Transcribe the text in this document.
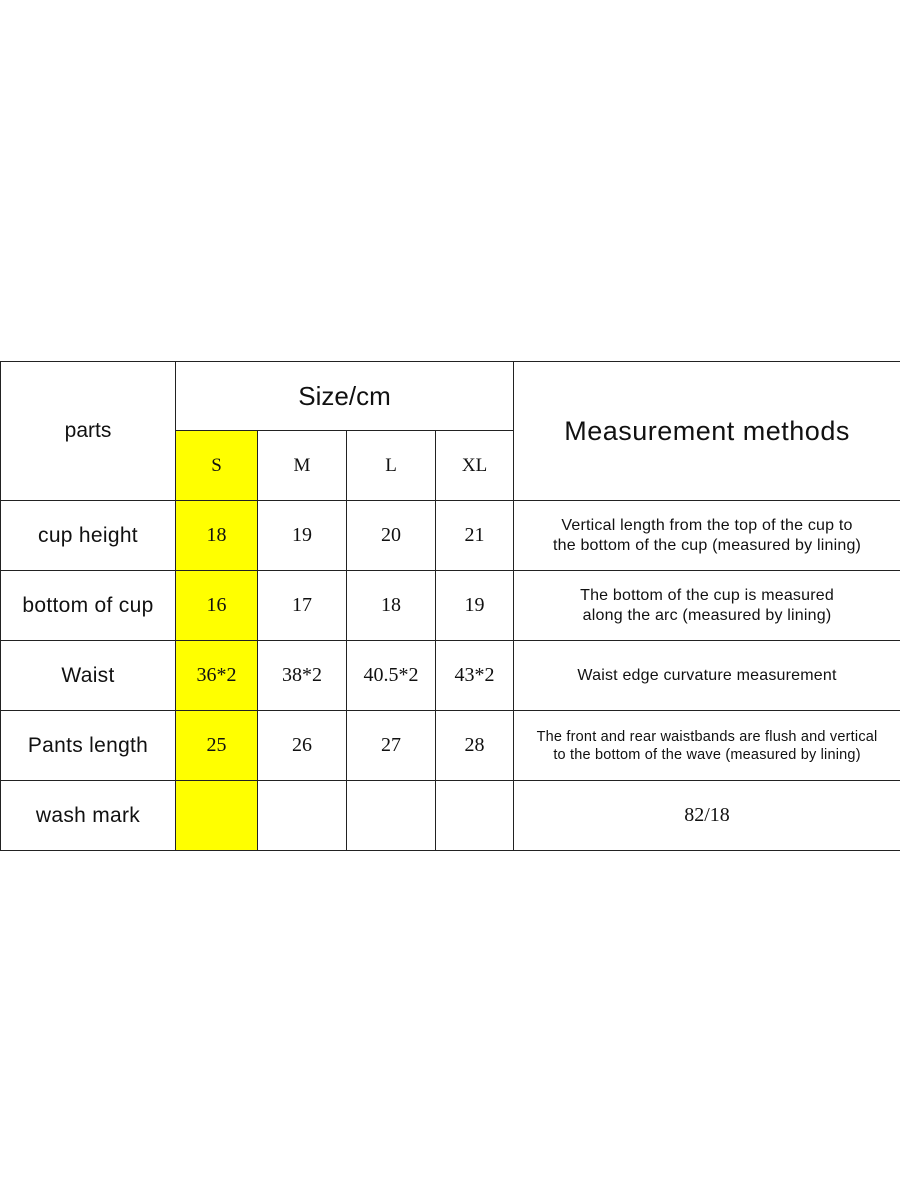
parts	Size/cm				Measurement methods
	S	M	L	XL	
cup height	18	19	20	21	Vertical length from the top of the cup to
the bottom of the cup (measured by lining)

bottom of cup	16	17	18	19	The bottom of the cup is measured
along the arc (measured by lining)

Waist	36*2	38*2	40.5*2	43*2	Waist edge curvature measurement

Pants length	25	26	27	28	The front and rear waistbands are flush and vertical
to the bottom of the wave (measured by lining)

wash mark					82/18
